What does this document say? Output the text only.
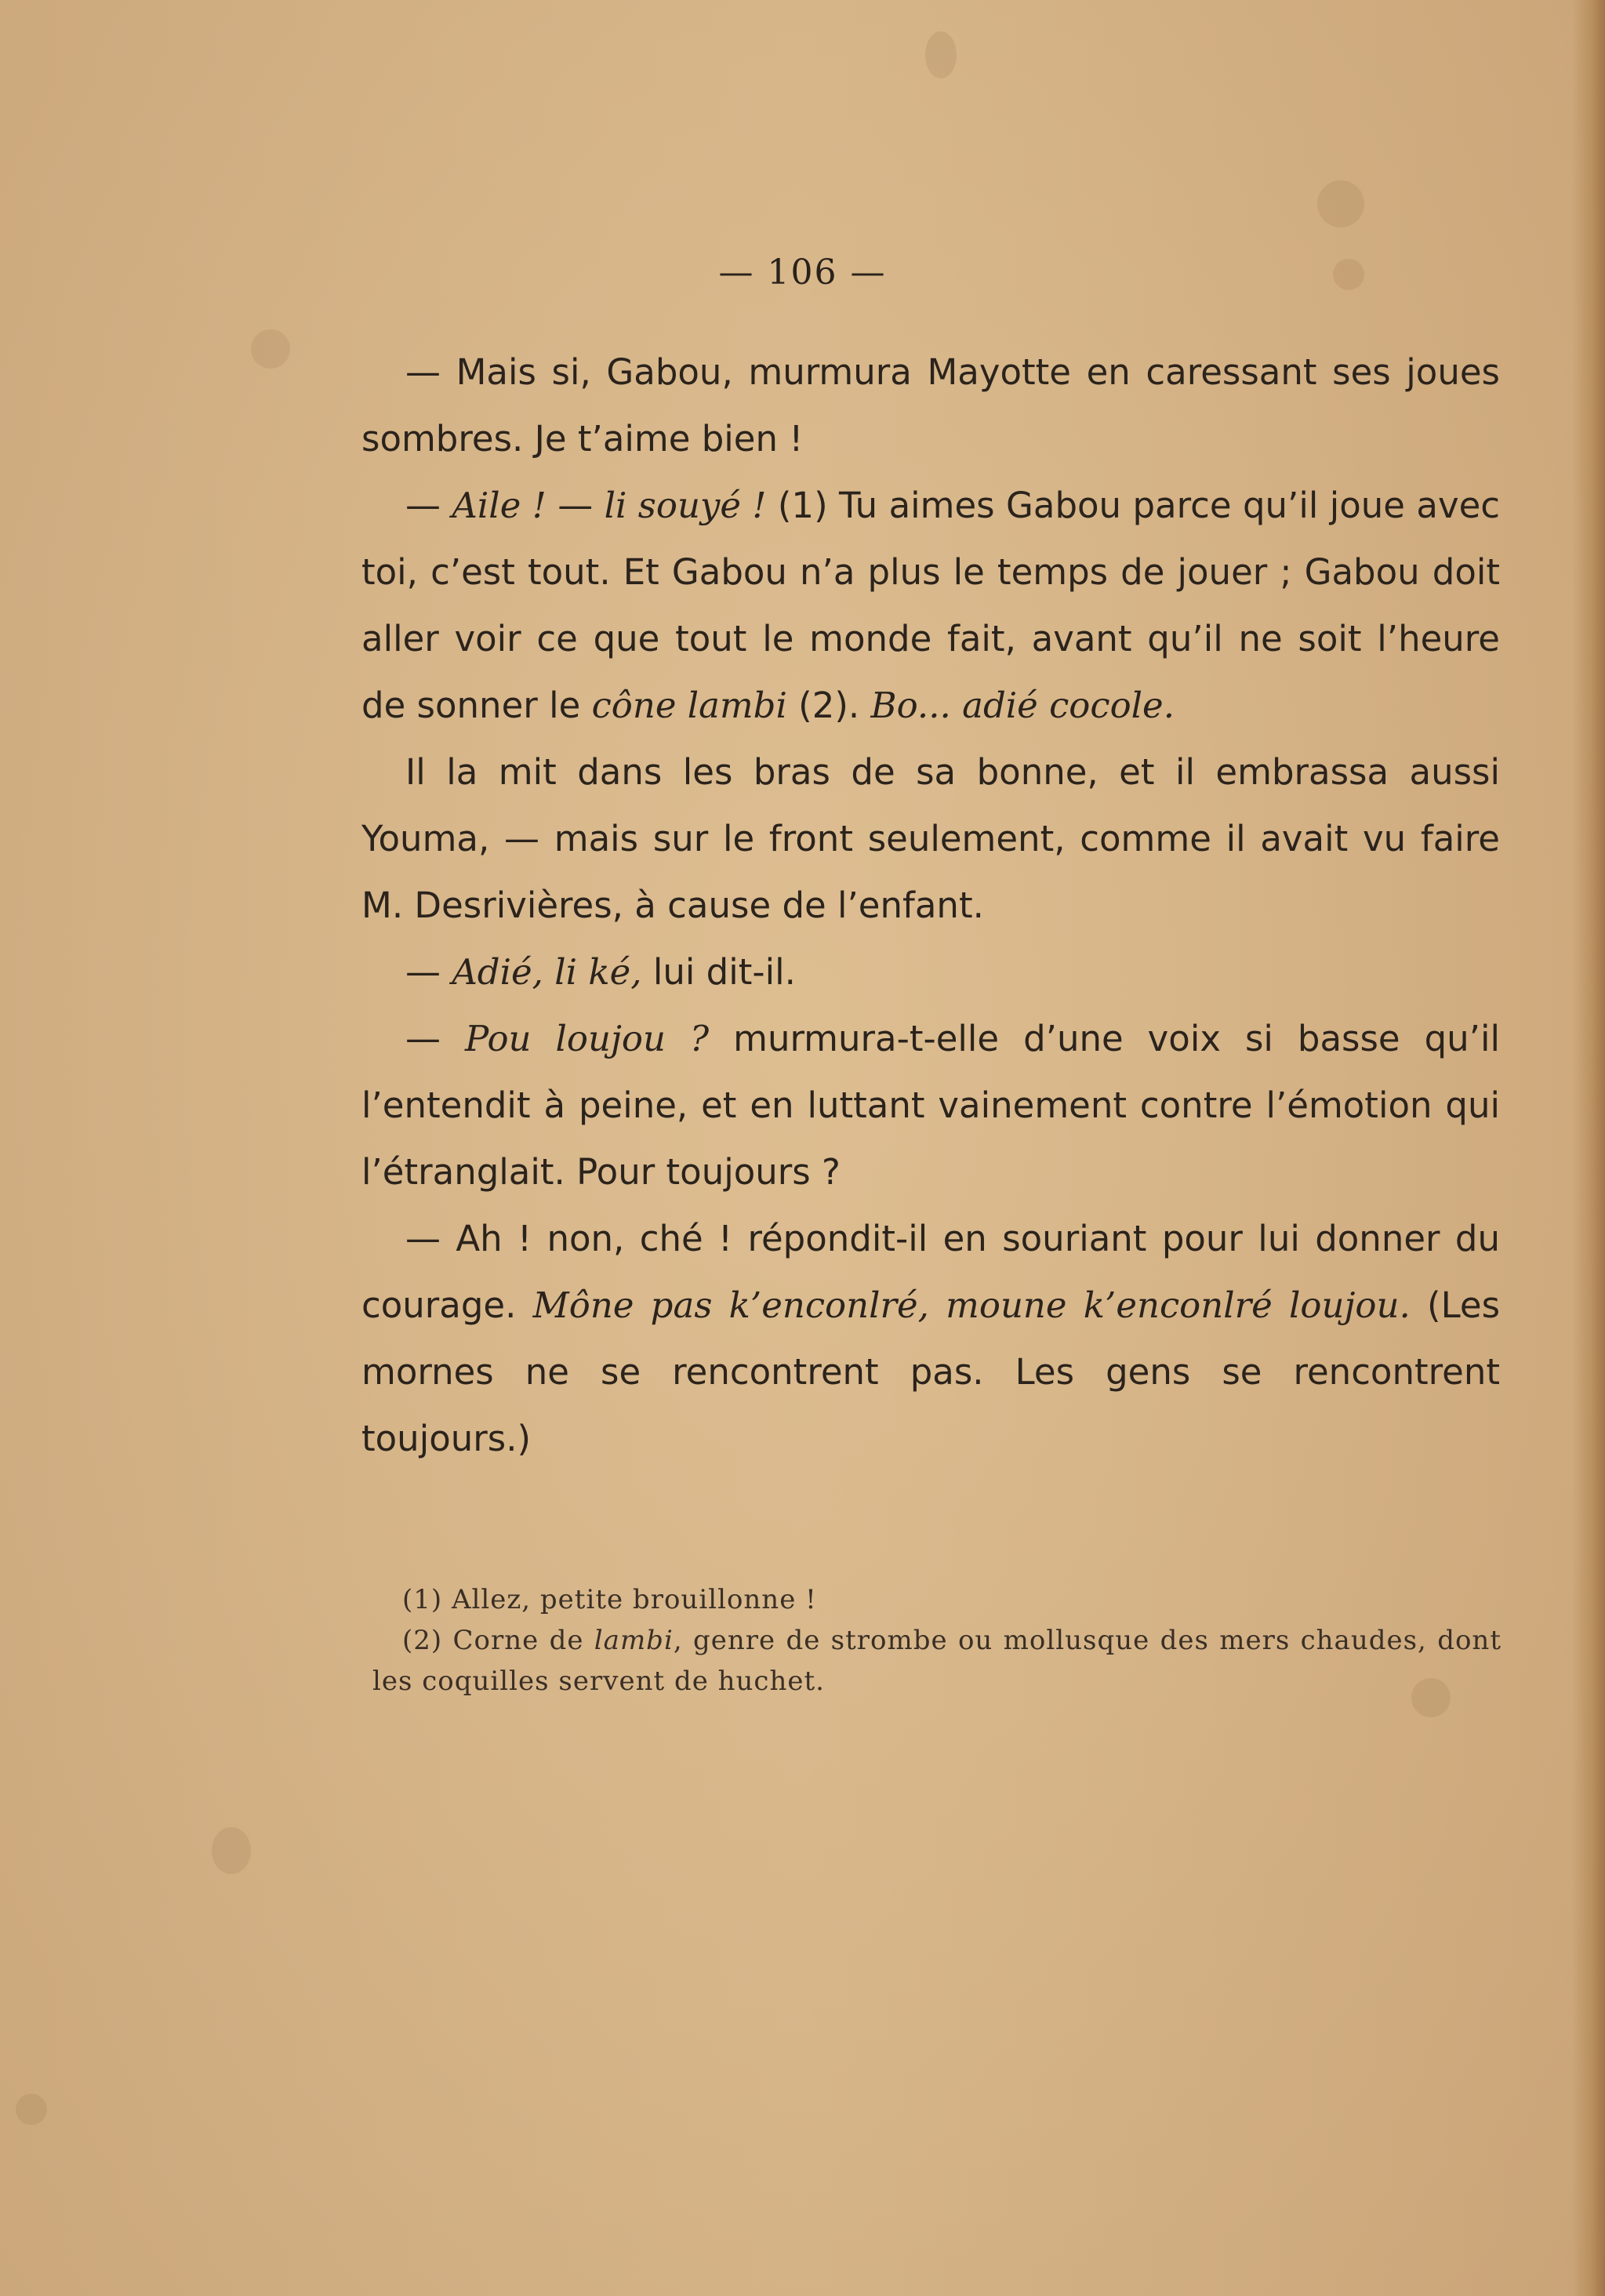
— 106 —

— Mais si, Gabou, murmura Mayotte en caressant ses joues sombres. Je t’aime bien !

— Aile ! — li souyé ! (1) Tu aimes Gabou parce qu’il joue avec toi, c’est tout. Et Gabou n’a plus le temps de jouer ; Gabou doit aller voir ce que tout le monde fait, avant qu’il ne soit l’heure de sonner le cône lambi (2). Bo... adié cocole.

Il la mit dans les bras de sa bonne, et il embrassa aussi Youma, — mais sur le front seulement, comme il avait vu faire M. Desrivières, à cause de l’enfant.

— Adié, li ké, lui dit-il.

— Pou loujou ? murmura-t-elle d’une voix si basse qu’il l’entendit à peine, et en luttant vainement contre l’émotion qui l’étranglait. Pour toujours ?

— Ah ! non, ché ! répondit-il en souriant pour lui donner du courage. Mône pas k’enconlré, moune k’enconlré loujou. (Les mornes ne se rencontrent pas. Les gens se rencontrent toujours.)

(1) Allez, petite brouillonne !

(2) Corne de lambi, genre de strombe ou mollusque des mers chaudes, dont les coquilles servent de huchet.
